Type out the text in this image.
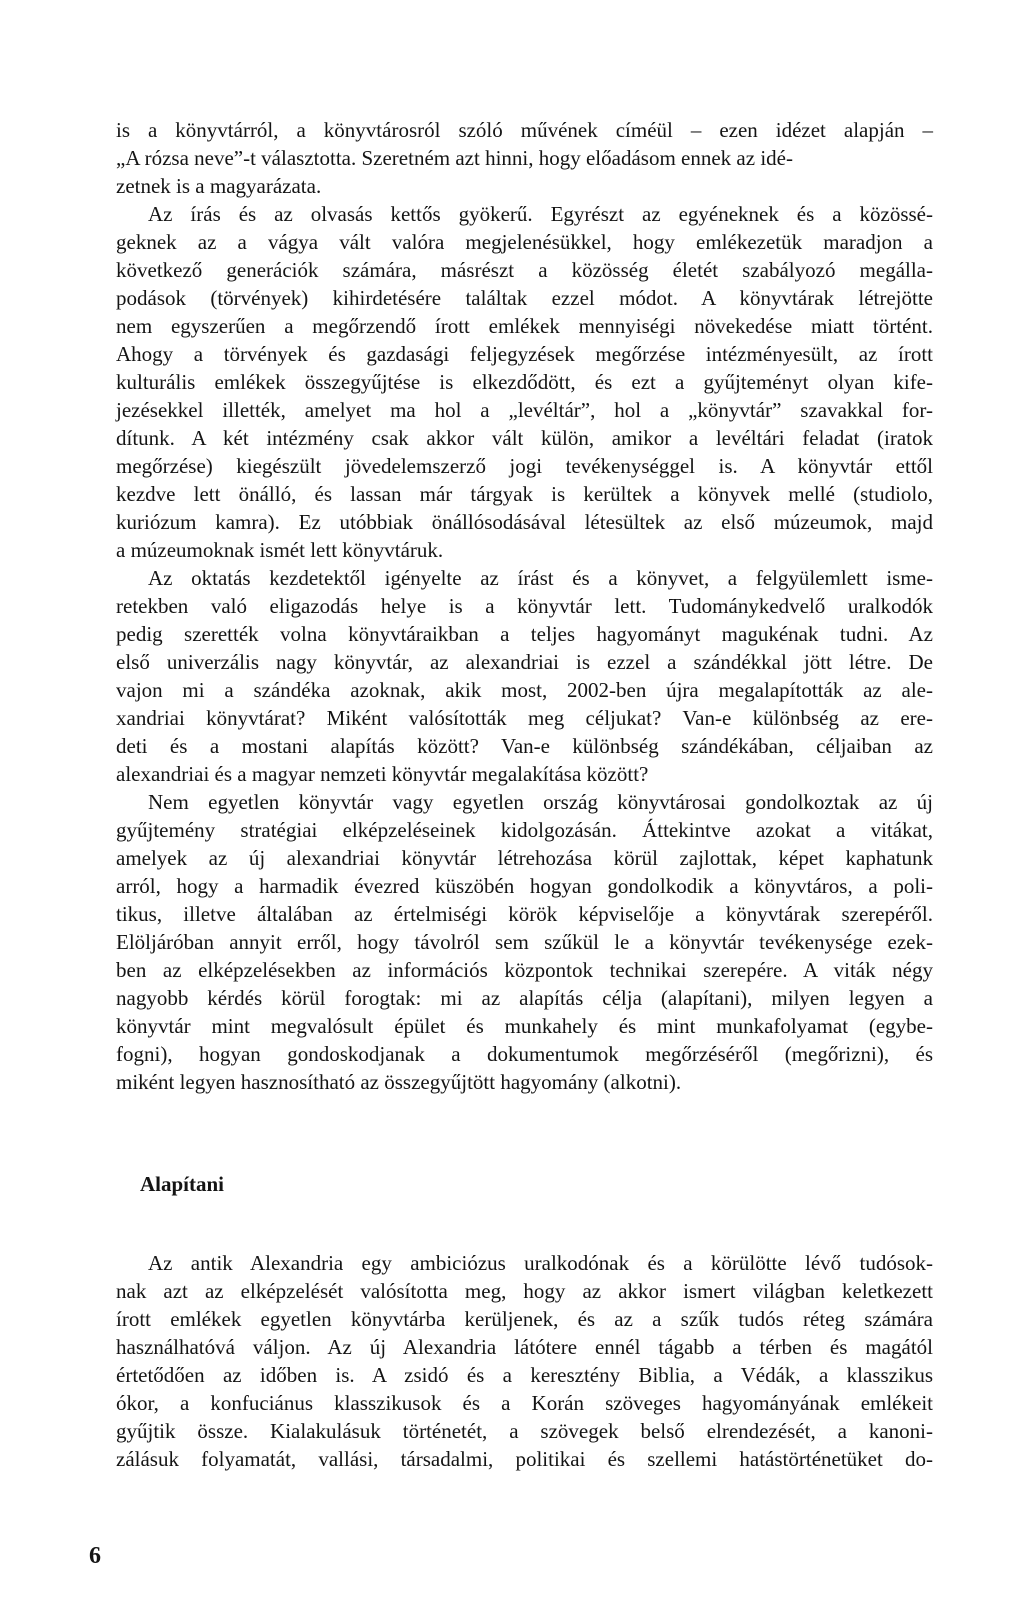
is a könyvtárról, a könyvtárosról szóló művének címéül – ezen idézet alapján –
„A rózsa neve”-t választotta. Szeretném azt hinni, hogy előadásom ennek az idé-
zetnek is a magyarázata.
Az írás és az olvasás kettős gyökerű. Egyrészt az egyéneknek és a közössé-
geknek az a vágya vált valóra megjelenésükkel, hogy emlékezetük maradjon a
következő generációk számára, másrészt a közösség életét szabályozó megálla-
podások (törvények) kihirdetésére találtak ezzel módot. A könyvtárak létrejötte
nem egyszerűen a megőrzendő írott emlékek mennyiségi növekedése miatt történt.
Ahogy a törvények és gazdasági feljegyzések megőrzése intézményesült, az írott
kulturális emlékek összegyűjtése is elkezdődött, és ezt a gyűjteményt olyan kife-
jezésekkel illették, amelyet ma hol a „levéltár”, hol a „könyvtár” szavakkal for-
dítunk. A két intézmény csak akkor vált külön, amikor a levéltári feladat (iratok
megőrzése) kiegészült jövedelemszerző jogi tevékenységgel is. A könyvtár ettől
kezdve lett önálló, és lassan már tárgyak is kerültek a könyvek mellé (studiolo,
kuriózum kamra). Ez utóbbiak önállósodásával létesültek az első múzeumok, majd
a múzeumoknak ismét lett könyvtáruk.
Az oktatás kezdetektől igényelte az írást és a könyvet, a felgyülemlett isme-
retekben való eligazodás helye is a könyvtár lett. Tudománykedvelő uralkodók
pedig szerették volna könyvtáraikban a teljes hagyományt magukénak tudni. Az
első univerzális nagy könyvtár, az alexandriai is ezzel a szándékkal jött létre. De
vajon mi a szándéka azoknak, akik most, 2002-ben újra megalapították az ale-
xandriai könyvtárat? Miként valósították meg céljukat? Van-e különbség az ere-
deti és a mostani alapítás között? Van-e különbség szándékában, céljaiban az
alexandriai és a magyar nemzeti könyvtár megalakítása között?
Nem egyetlen könyvtár vagy egyetlen ország könyvtárosai gondolkoztak az új
gyűjtemény stratégiai elképzeléseinek kidolgozásán. Áttekintve azokat a vitákat,
amelyek az új alexandriai könyvtár létrehozása körül zajlottak, képet kaphatunk
arról, hogy a harmadik évezred küszöbén hogyan gondolkodik a könyvtáros, a poli-
tikus, illetve általában az értelmiségi körök képviselője a könyvtárak szerepéről.
Elöljáróban annyit erről, hogy távolról sem szűkül le a könyvtár tevékenysége ezek-
ben az elképzelésekben az információs központok technikai szerepére. A viták négy
nagyobb kérdés körül forogtak: mi az alapítás célja (alapítani), milyen legyen a
könyvtár mint megvalósult épület és munkahely és mint munkafolyamat (egybe-
fogni), hogyan gondoskodjanak a dokumentumok megőrzéséről (megőrizni), és
miként legyen hasznosítható az összegyűjtött hagyomány (alkotni).
Alapítani
Az antik Alexandria egy ambiciózus uralkodónak és a körülötte lévő tudósok-
nak azt az elképzelését valósította meg, hogy az akkor ismert világban keletkezett
írott emlékek egyetlen könyvtárba kerüljenek, és az a szűk tudós réteg számára
használhatóvá váljon. Az új Alexandria látótere ennél tágabb a térben és magától
értetődően az időben is. A zsidó és a keresztény Biblia, a Védák, a klasszikus
ókor, a konfuciánus klasszikusok és a Korán szöveges hagyományának emlékeit
gyűjtik össze. Kialakulásuk történetét, a szövegek belső elrendezését, a kanoni-
zálásuk folyamatát, vallási, társadalmi, politikai és szellemi hatástörténetüket do-
6
